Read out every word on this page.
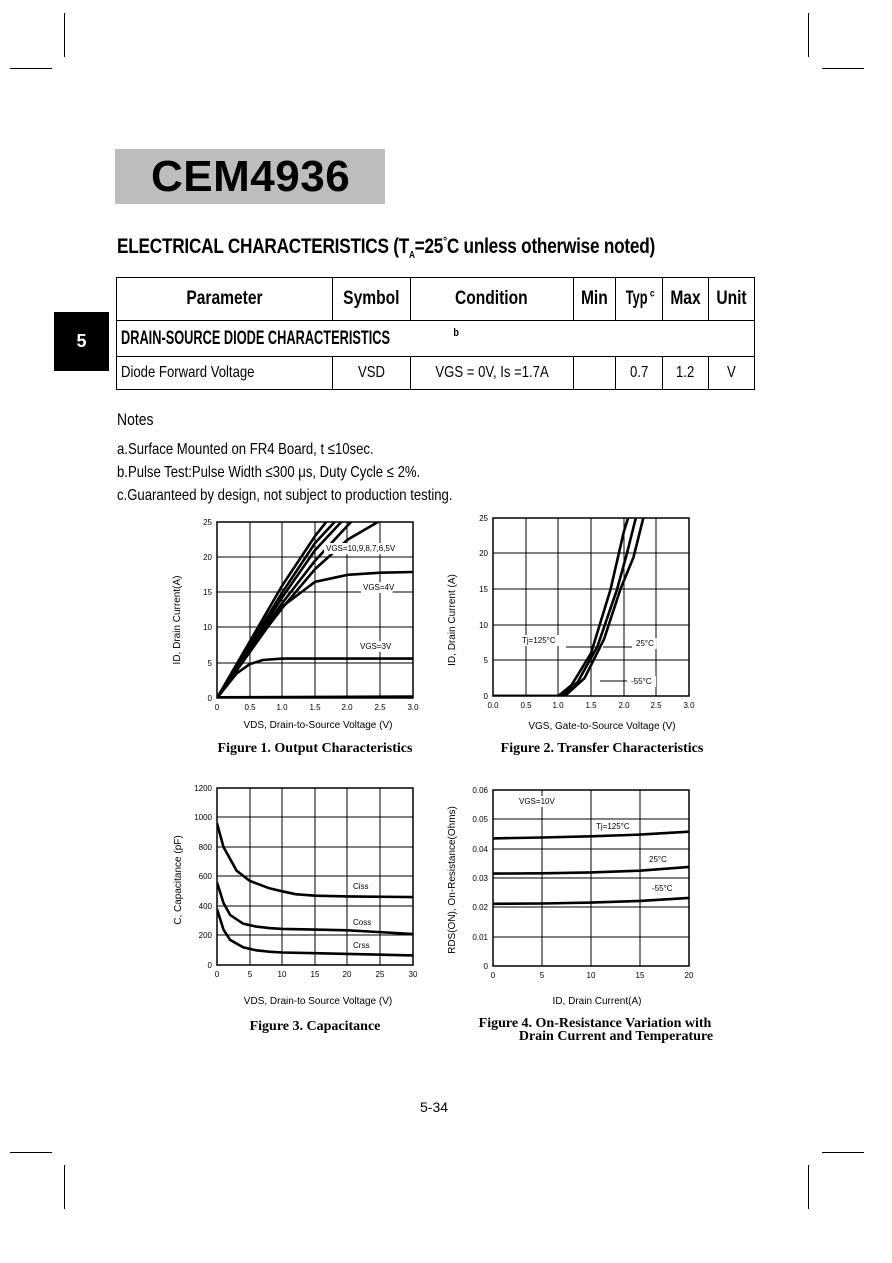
CEM4936
5
ELECTRICAL CHARACTERISTICS ($T_A=25^\circ C$ unless otherwise noted)
Parameter	Symbol	Condition	Min	Typ $^c$	Max	Unit
DRAIN-SOURCE DIODE CHARACTERISTICS $^b$
Diode Forward Voltage	VSD	VGS = 0V, Is =1.7A		0.7	1.2	V
Notes
a.Surface Mounted on FR4 Board, t ≤10sec.
b.Pulse Test:Pulse Width ≤300 μs, Duty Cycle ≤ 2%.
c.Guaranteed by design, not subject to production testing.
0	0.5	1.0	1.5	2.0	2.5	3.0
0
5
10
15
20
25
ID, Drain Current(A)
VDS, Drain-to-Source Voltage (V)
VGS=10,9,8,7,6,5V
VGS=4V
VGS=3V
0.0	0.5	1.0	1.5	2.0	2.5	3.0
0
5
10
15
20
25
ID, Drain Current (A)
VGS, Gate-to-Source Voltage (V)
Tj=125°C	25°C
-55°C
0	5	10	15	20	25	30
0
200
400
600
800
1000
1200
C, Capacitance (pF)
VDS, Drain-to Source Voltage (V)
Ciss
Coss
Crss
0	5	10	15	20
0
0.01
0.02
0.03
0.04
0.05
0.06
RDS(ON), On-Resistance(Ohms)
ID, Drain Current(A)
VGS=10V
Tj=125°C
25°C
-55°C
Figure 1. Output Characteristics	Figure 2. Transfer Characteristics
Figure 3. Capacitance	Figure 4. On-Resistance Variation with
Drain Current and Temperature
5-34
